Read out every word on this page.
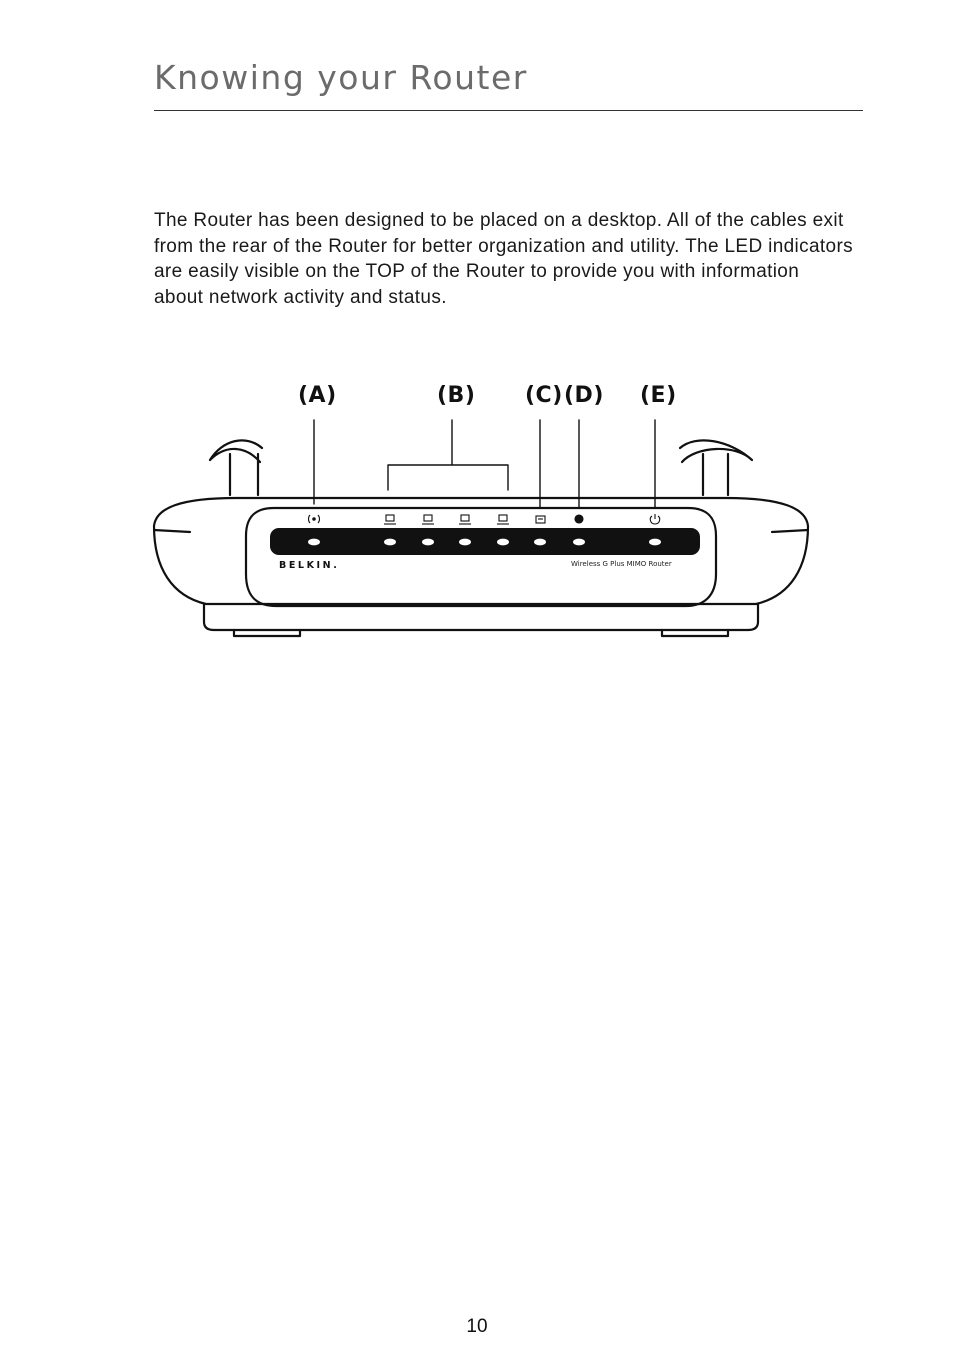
Knowing your Router

The Router has been designed to be placed on a desktop. All of the cables exit from the rear of the Router for better organization and utility. The LED indicators are easily visible on the TOP of the Router to provide you with information about network activity and status.

(A)	(B) (C) (D) (E)
BELKIN.	Wireless G Plus MIMO Router
10
